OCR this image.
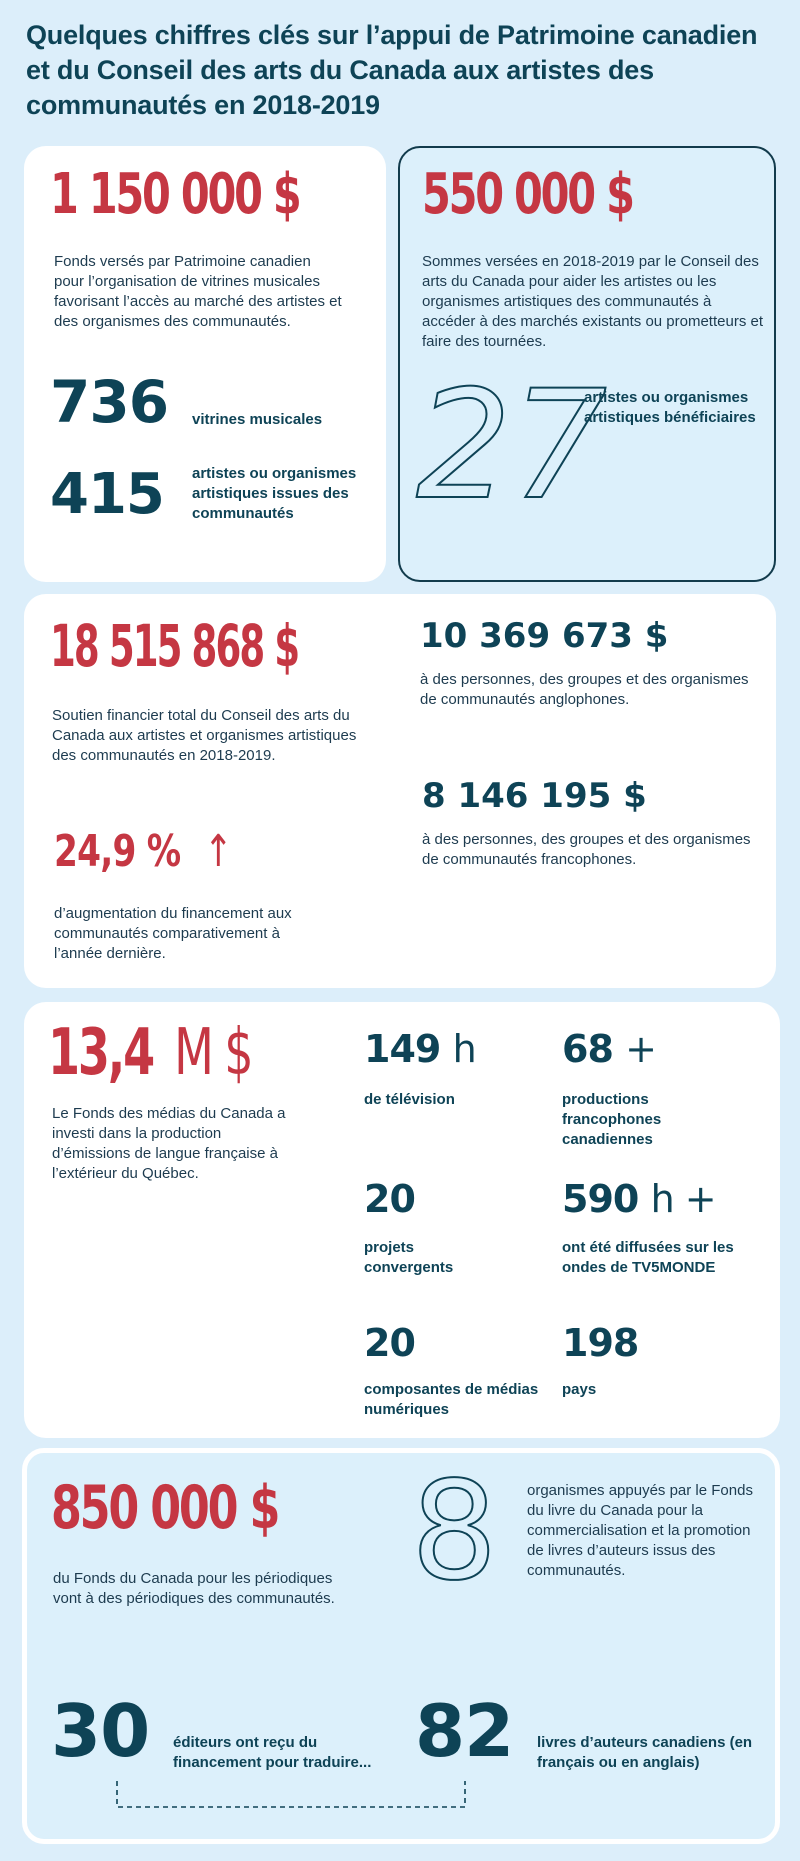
Quelques chiffres clés sur l’appui de Patrimoine canadien et du Conseil des arts du Canada aux artistes des communautés en 2018-2019
1 150 000 $
Fonds versés par Patrimoine canadien pour l’organisation de vitrines musicales favorisant l’accès au marché des artistes et des organismes des communautés.
736 vitrines musicales
415 artistes ou organismes artistiques issues des communautés
550 000 $
Sommes versées en 2018-2019 par le Conseil des arts du Canada pour aider les artistes ou les organismes artistiques des communautés à accéder à des marchés existants ou prometteurs et faire des tournées.
27
artistes ou organismes artistiques bénéficiaires
18 515 868 $
Soutien financier total du Conseil des arts du Canada aux artistes et organismes artistiques des communautés en 2018-2019.
24,9 % ↑
d’augmentation du financement aux communautés comparativement à l’année dernière.
10 369 673 $
à des personnes, des groupes et des organismes de communautés anglophones.
8 146 195 $
à des personnes, des groupes et des organismes de communautés francophones.
13,4 M $
Le Fonds des médias du Canada a investi dans la production d’émissions de langue française à l’extérieur du Québec.
149 h
de télévision
68 +
productions francophones canadiennes
20
projets convergents
590 h +
ont été diffusées sur les ondes de TV5MONDE
20
composantes de médias numériques
198
pays
850 000 $
du Fonds du Canada pour les périodiques vont à des périodiques des communautés. 8 organismes appuyés par le Fonds du livre du Canada pour la commercialisation et la promotion de livres d’auteurs issus des communautés.
30 éditeurs ont reçu du financement pour traduire... 82 livres d’auteurs canadiens (en français ou en anglais)
